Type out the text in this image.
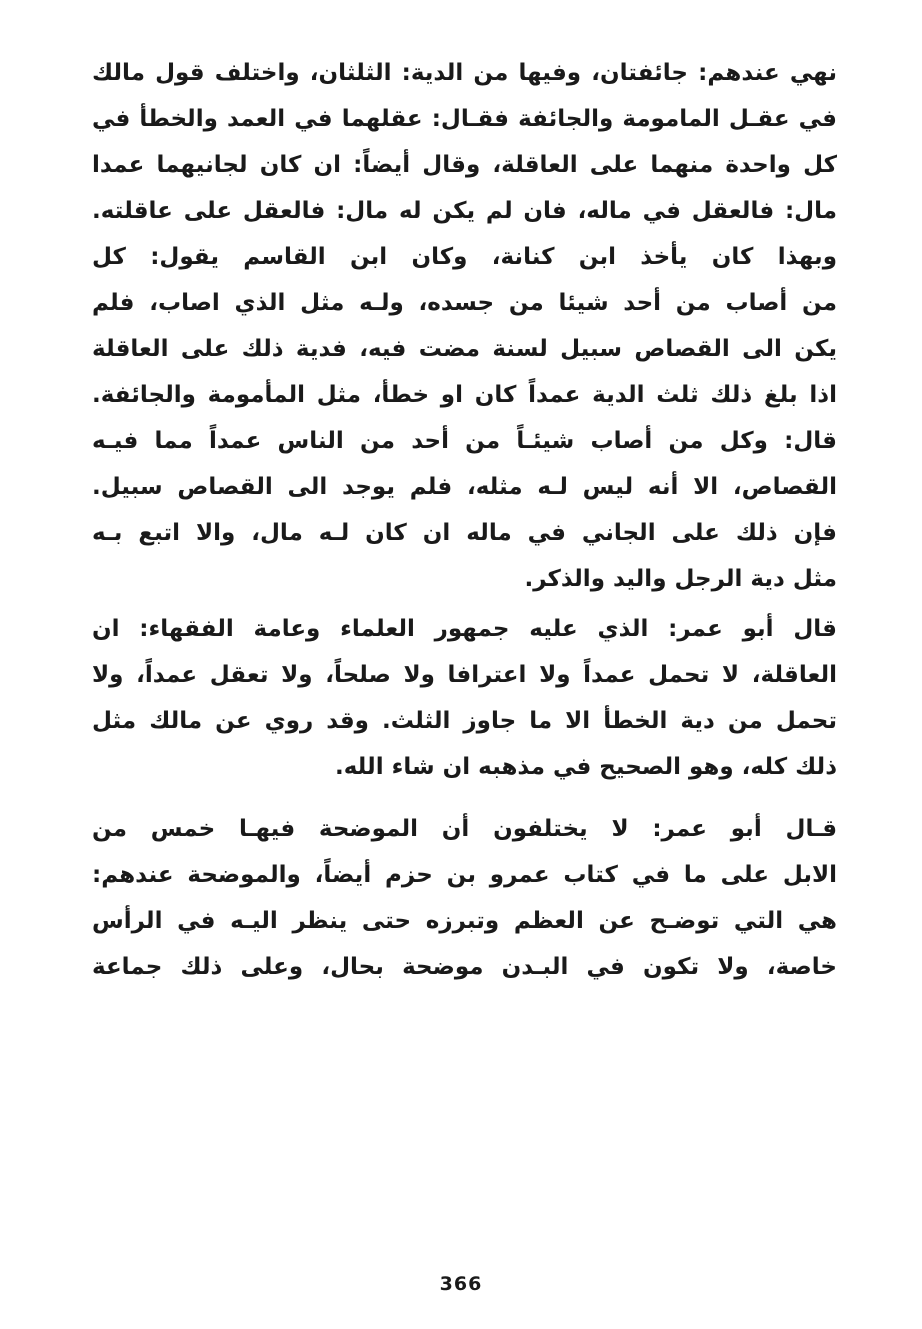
نهي عندهم: جائفتان، وفيها من الدية: الثلثان، واختلف قول مالك
في عقـل المامومة والجائفة فقـال: عقلهما في العمد والخطأ في
كل واحدة منهما على العاقلة، وقال أيضاً: ان كان لجانيهما عمدا
مال: فالعقل في ماله، فان لم يكن له مال: فالعقل على عاقلته.
وبهذا كان يأخذ ابن كنانة، وكان ابن القاسم يقول: كل
من أصاب من أحد شيئا من جسده، ولـه مثل الذي اصاب، فلم
يكن الى القصاص سبيل لسنة مضت فيه، فدية ذلك على العاقلة
اذا بلغ ذلك ثلث الدية عمداً كان او خطأ، مثل المأمومة والجائفة.
قال: وكل من أصاب شيئـاً من أحد من الناس عمداً مما فيـه
القصاص، الا أنه ليس لـه مثله، فلم يوجد الى القصاص سبيل.
فإن ذلك على الجاني في ماله ان كان لـه مال، والا اتبع بـه
مثل دية الرجل واليد والذكر.
قال أبو عمر: الذي عليه جمهور العلماء وعامة الفقهاء: ان
العاقلة، لا تحمل عمداً ولا اعترافا ولا صلحاً، ولا تعقل عمداً، ولا
تحمل من دية الخطأ الا ما جاوز الثلث. وقد روي عن مالك مثل
ذلك كله، وهو الصحيح في مذهبه ان شاء الله.
قـال أبو عمر: لا يختلفون أن الموضحة فيهـا خمس من
الابل على ما في كتاب عمرو بن حزم أيضاً، والموضحة عندهم:
هي التي توضـح عن العظم وتبرزه حتى ينظر اليـه في الرأس
خاصة، ولا تكون في البـدن موضحة بحال، وعلى ذلك جماعة
366
